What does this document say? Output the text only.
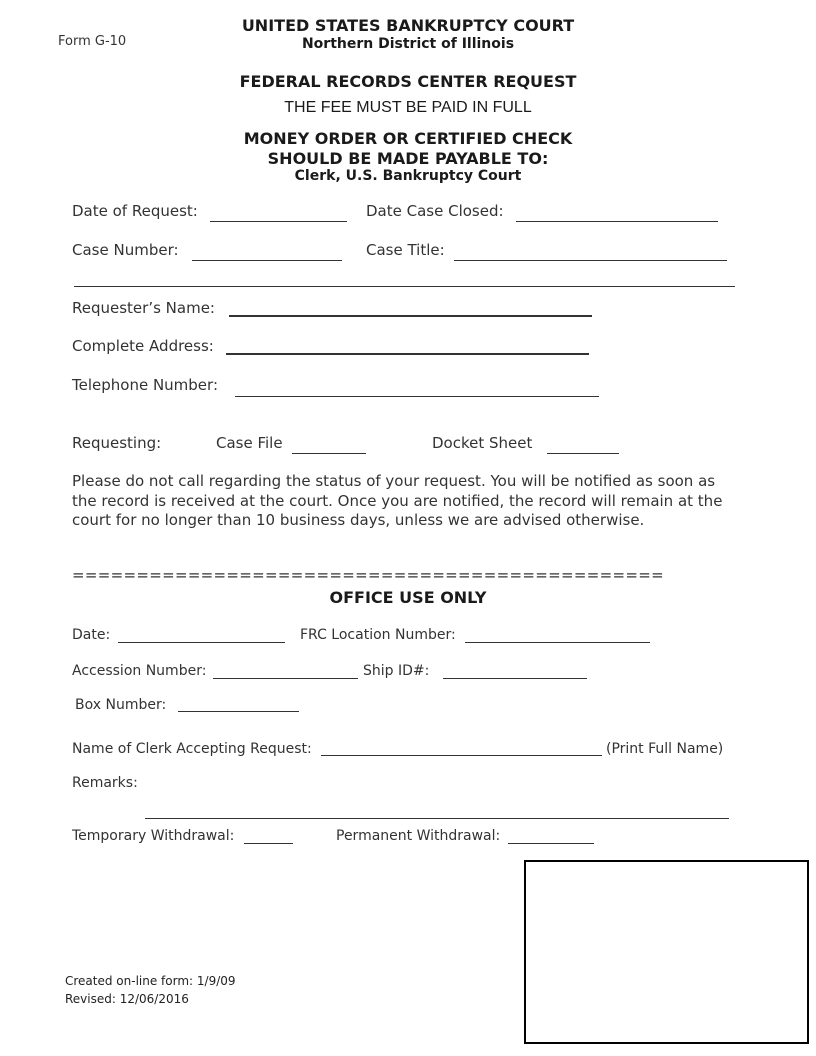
Form G-10
UNITED STATES BANKRUPTCY COURT
Northern District of Illinois
FEDERAL RECORDS CENTER REQUEST
THE FEE MUST BE PAID IN FULL
MONEY ORDER OR CERTIFIED CHECK
SHOULD BE MADE PAYABLE TO:
Clerk, U.S. Bankruptcy Court
Date of Request:	Date Case Closed:
Case Number:	Case Title:
Requester’s Name:
Complete Address:
Telephone Number:
Requesting:	Case File	Docket Sheet
Please do not call regarding the status of your request. You will be notified as soon as the record is received at the court. Once you are notified, the record will remain at the court for no longer than 10 business days, unless we are advised otherwise.
==============================================
OFFICE USE ONLY
Date:	FRC Location Number:
Accession Number:	Ship ID#:
Box Number:
Name of Clerk Accepting Request:	(Print Full Name)
Remarks:
Temporary Withdrawal:	Permanent Withdrawal:
Created on-line form: 1/9/09
Revised: 12/06/2016
